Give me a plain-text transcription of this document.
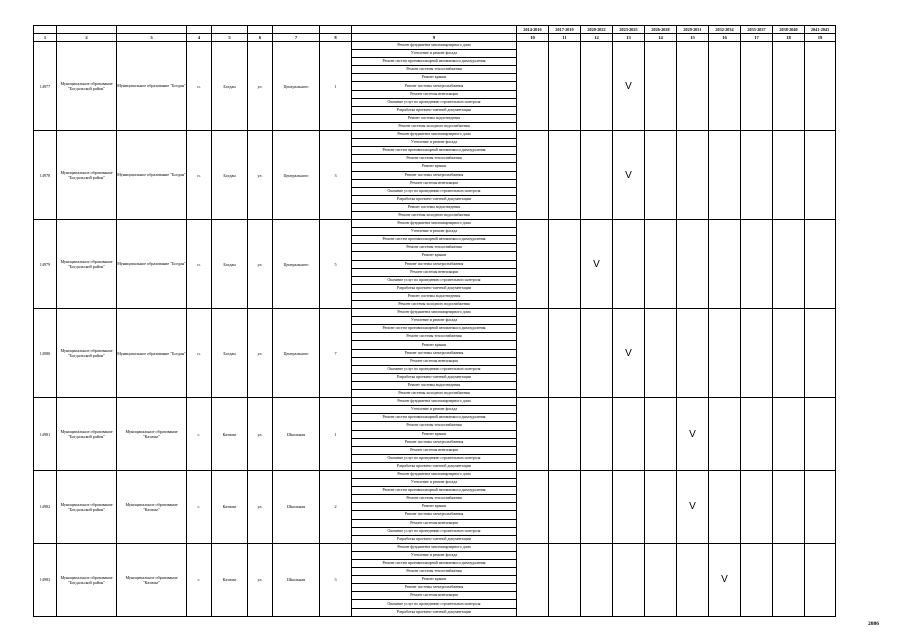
									2014-2016	2017-2019	2020-2022	2023-2025	2026-2028	2029-2031	2032-2034	2035-2037	2038-2040	2041-2043
1	2	3	4	5	6	7	8	9	10	11	12	13	14	15	16	17	18	19
14977	Муниципальное образование "Богдальской район"	Муниципальное образование "Богдан"	п.	Богдан	ул.	Центрального	1	Ремонт фундамента многоквартирного дома				V						
								Утепление и ремонт фасада										
								Ремонт систем противопожарной автоматики и дымоудаления										
								Ремонт системы теплоснабжения										
								Ремонт крыши										
								Ремонт системы электроснабжения										
								Ремонт системы вентиляции										
								Оказание услуг по проведению строительного контроля										
								Разработка проектно-сметной документации										
								Ремонт системы водоотведения										
								Ремонт системы холодного водоснабжения										
14978	Муниципальное образование "Богдальской район"	Муниципальное образование "Богдан"	п.	Богдан	ул.	Центрального	3	Ремонт фундамента многоквартирного дома				V						
								Утепление и ремонт фасада										
								Ремонт систем противопожарной автоматики и дымоудаления										
								Ремонт системы теплоснабжения										
								Ремонт крыши										
								Ремонт системы электроснабжения										
								Ремонт системы вентиляции										
								Оказание услуг по проведению строительного контроля										
								Разработка проектно-сметной документации										
								Ремонт системы водоотведения										
								Ремонт системы холодного водоснабжения										
14979	Муниципальное образование "Богдальской район"	Муниципальное образование "Богдан"	п.	Богдан	ул.	Центрального	5	Ремонт фундамента многоквартирного дома			V							
								Утепление и ремонт фасада										
								Ремонт систем противопожарной автоматики и дымоудаления										
								Ремонт системы теплоснабжения										
								Ремонт крыши										
								Ремонт системы электроснабжения										
								Ремонт системы вентиляции										
								Оказание услуг по проведению строительного контроля										
								Разработка проектно-сметной документации										
								Ремонт системы водоотведения										
								Ремонт системы холодного водоснабжения										
14980	Муниципальное образование "Богдальской район"	Муниципальное образование "Богдан"	п.	Богдан	ул.	Центрального	7	Ремонт фундамента многоквартирного дома				V						
								Утепление и ремонт фасада										
								Ремонт систем противопожарной автоматики и дымоудаления										
								Ремонт системы теплоснабжения										
								Ремонт крыши										
								Ремонт системы электроснабжения										
								Ремонт системы вентиляции										
								Оказание услуг по проведению строительного контроля										
								Разработка проектно-сметной документации										
								Ремонт системы водоотведения										
								Ремонт системы холодного водоснабжения										
14981	Муниципальное образование "Богдальской район"	Муниципальное образование "Казачье"	с.	Казачье	ул.	Школьная	1	Ремонт фундамента многоквартирного дома						V				
								Утепление и ремонт фасада										
								Ремонт систем противопожарной автоматики и дымоудаления										
								Ремонт системы теплоснабжения										
								Ремонт крыши										
								Ремонт системы электроснабжения										
								Ремонт системы вентиляции										
								Оказание услуг по проведению строительного контроля										
								Разработка проектно-сметной документации										
14982	Муниципальное образование "Богдальской район"	Муниципальное образование "Казачье"	с.	Казачье	ул.	Школьная	2	Ремонт фундамента многоквартирного дома						V				
								Утепление и ремонт фасада										
								Ремонт систем противопожарной автоматики и дымоудаления										
								Ремонт системы теплоснабжения										
								Ремонт крыши										
								Ремонт системы электроснабжения										
								Ремонт системы вентиляции										
								Оказание услуг по проведению строительного контроля										
								Разработка проектно-сметной документации										
14983	Муниципальное образование "Богдальской район"	Муниципальное образование "Казачье"	с.	Казачье	ул.	Школьная	3	Ремонт фундамента многоквартирного дома							V			
								Утепление и ремонт фасада										
								Ремонт систем противопожарной автоматики и дымоудаления										
								Ремонт системы теплоснабжения										
								Ремонт крыши										
								Ремонт системы электроснабжения										
								Ремонт системы вентиляции										
								Оказание услуг по проведению строительного контроля										
								Разработка проектно-сметной документации										
2086
